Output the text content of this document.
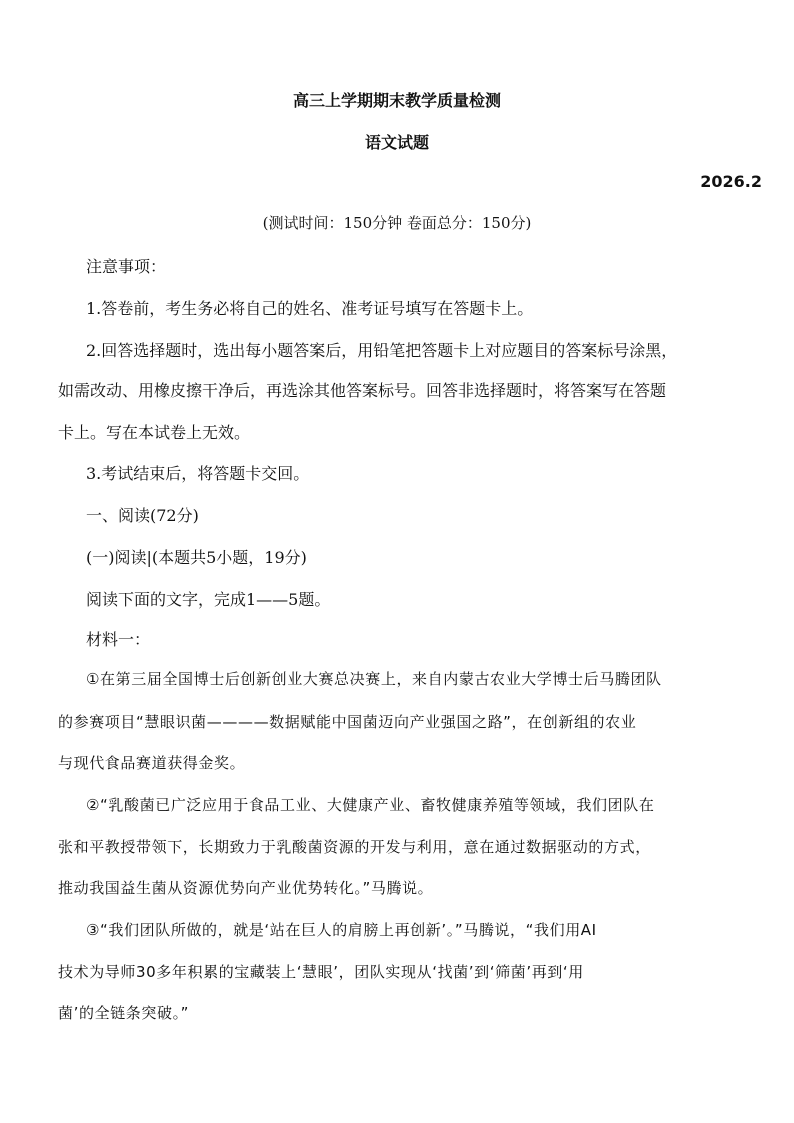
高三上学期期末教学质量检测
语文试题
2026.2
(测试时间：150分钟 卷面总分：150分)
注意事项：
1.答卷前，考生务必将自己的姓名、准考证号填写在答题卡上。
2.回答选择题时，选出每小题答案后，用铅笔把答题卡上对应题目的答案标号涂黑，
如需改动、用橡皮擦干净后，再选涂其他答案标号。回答非选择题时，将答案写在答题
卡上。写在本试卷上无效。
3.考试结束后，将答题卡交回。
一、阅读(72分)
(一)阅读|(本题共5小题，19分)
阅读下面的文字，完成1——5题。
材料一：
①在第三届全国博士后创新创业大赛总决赛上，来自内蒙古农业大学博士后马腾团队
的参赛项目“慧眼识菌————数据赋能中国菌迈向产业强国之路”，在创新组的农业
与现代食品赛道获得金奖。
②“乳酸菌已广泛应用于食品工业、大健康产业、畜牧健康养殖等领域，我们团队在
张和平教授带领下，长期致力于乳酸菌资源的开发与利用，意在通过数据驱动的方式，
推动我国益生菌从资源优势向产业优势转化。”马腾说。
③“我们团队所做的，就是‘站在巨人的肩膀上再创新’。”马腾说，“我们用AI
技术为导师30多年积累的宝藏装上‘慧眼’，团队实现从‘找菌’到‘筛菌’再到‘用
菌’的全链条突破。”
